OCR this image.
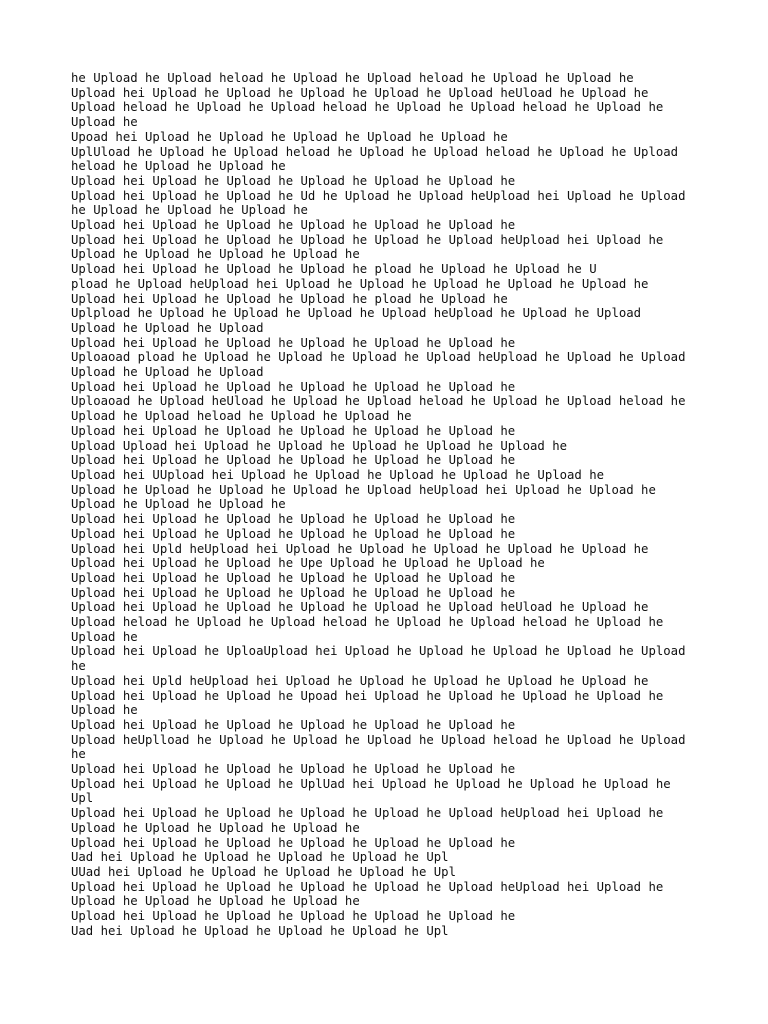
he Upload he Upload heload he Upload he Upload heload he Upload he Upload he
Upload hei Upload he Upload he Upload he Upload he Upload heUload he Upload he
Upload heload he Upload he Upload heload he Upload he Upload heload he Upload he
Upload he
Upoad hei Upload he Upload he Upload he Upload he Upload he
UplUload he Upload he Upload heload he Upload he Upload heload he Upload he Upload
heload he Upload he Upload he
Upload hei Upload he Upload he Upload he Upload he Upload he
Upload hei Upload he Upload he Ud he Upload he Upload heUpload hei Upload he Upload
he Upload he Upload he Upload he
Upload hei Upload he Upload he Upload he Upload he Upload he
Upload hei Upload he Upload he Upload he Upload he Upload heUpload hei Upload he
Upload he Upload he Upload he Upload he
Upload hei Upload he Upload he Upload he pload he Upload he Upload he U
pload he Upload heUpload hei Upload he Upload he Upload he Upload he Upload he
Upload hei Upload he Upload he Upload he pload he Upload he
Uplpload he Upload he Upload he Upload he Upload heUpload he Upload he Upload
Upload he Upload he Upload
Upload hei Upload he Upload he Upload he Upload he Upload he
Uploaoad pload he Upload he Upload he Upload he Upload heUpload he Upload he Upload
Upload he Upload he Upload
Upload hei Upload he Upload he Upload he Upload he Upload he
Uploaoad he Upload heUload he Upload he Upload heload he Upload he Upload heload he
Upload he Upload heload he Upload he Upload he
Upload hei Upload he Upload he Upload he Upload he Upload he
Upload Upload hei Upload he Upload he Upload he Upload he Upload he
Upload hei Upload he Upload he Upload he Upload he Upload he
Upload hei UUpload hei Upload he Upload he Upload he Upload he Upload he
Upload he Upload he Upload he Upload he Upload heUpload hei Upload he Upload he
Upload he Upload he Upload he
Upload hei Upload he Upload he Upload he Upload he Upload he
Upload hei Upload he Upload he Upload he Upload he Upload he
Upload hei Upld heUpload hei Upload he Upload he Upload he Upload he Upload he
Upload hei Upload he Upload he Upe Upload he Upload he Upload he
Upload hei Upload he Upload he Upload he Upload he Upload he
Upload hei Upload he Upload he Upload he Upload he Upload he
Upload hei Upload he Upload he Upload he Upload he Upload heUload he Upload he
Upload heload he Upload he Upload heload he Upload he Upload heload he Upload he
Upload he
Upload hei Upload he UploaUpload hei Upload he Upload he Upload he Upload he Upload
he
Upload hei Upld heUpload hei Upload he Upload he Upload he Upload he Upload he
Upload hei Upload he Upload he Upoad hei Upload he Upload he Upload he Upload he
Upload he
Upload hei Upload he Upload he Upload he Upload he Upload he
Upload heUplload he Upload he Upload he Upload he Upload heload he Upload he Upload
he
Upload hei Upload he Upload he Upload he Upload he Upload he
Upload hei Upload he Upload he UplUad hei Upload he Upload he Upload he Upload he
Upl
Upload hei Upload he Upload he Upload he Upload he Upload heUpload hei Upload he
Upload he Upload he Upload he Upload he
Upload hei Upload he Upload he Upload he Upload he Upload he
Uad hei Upload he Upload he Upload he Upload he Upl
UUad hei Upload he Upload he Upload he Upload he Upl
Upload hei Upload he Upload he Upload he Upload he Upload heUpload hei Upload he
Upload he Upload he Upload he Upload he
Upload hei Upload he Upload he Upload he Upload he Upload he
Uad hei Upload he Upload he Upload he Upload he Upl
